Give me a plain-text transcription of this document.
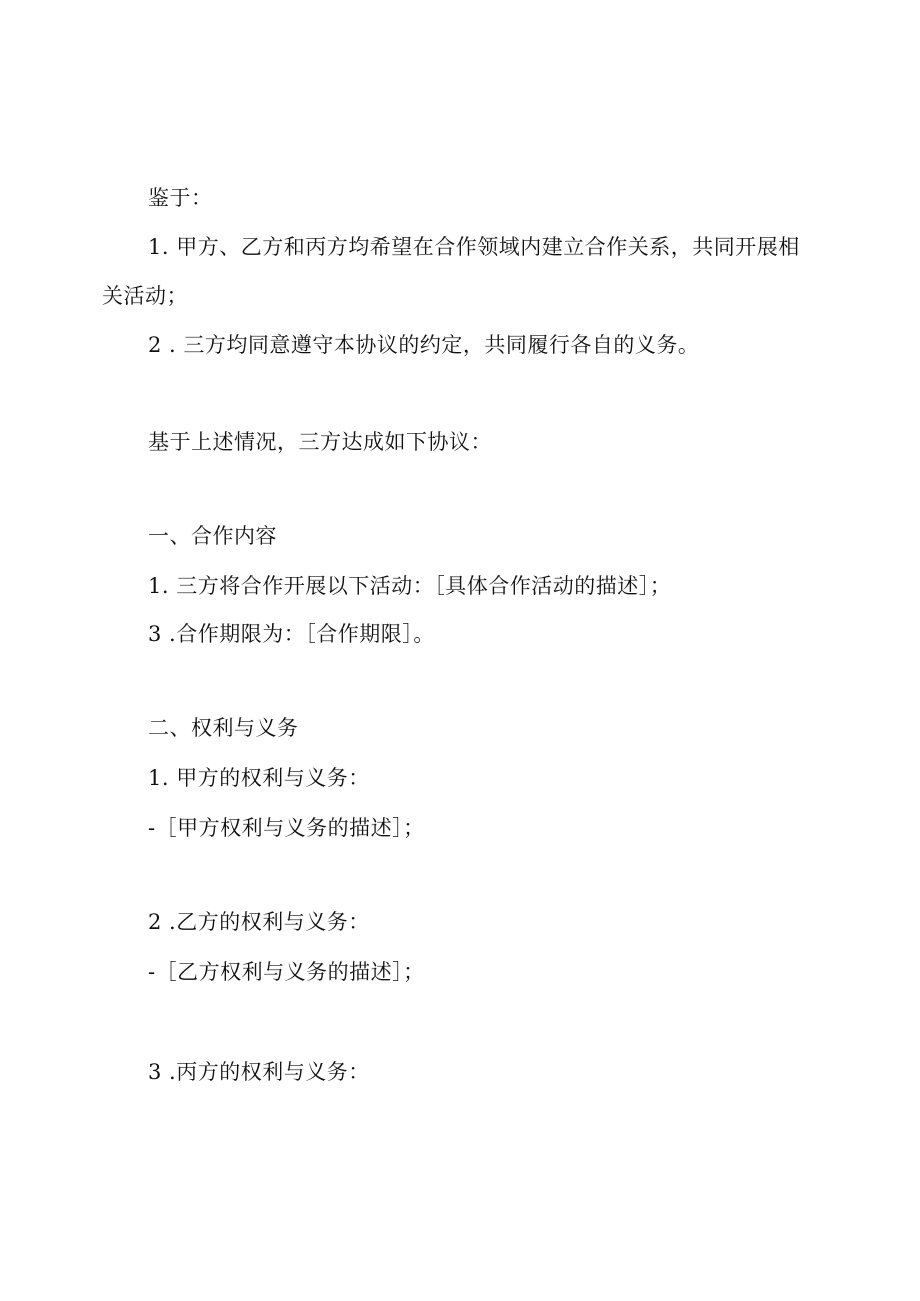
鉴于：
1. 甲方、乙方和丙方均希望在合作领域内建立合作关系，共同开展相
关活动；
2 . 三方均同意遵守本协议的约定，共同履行各自的义务。
基于上述情况，三方达成如下协议：
一、合作内容
1. 三方将合作开展以下活动：［具体合作活动的描述］；
3 .合作期限为：［合作期限］。
二、权利与义务
1. 甲方的权利与义务：
-［甲方权利与义务的描述］；
2 .乙方的权利与义务：
-［乙方权利与义务的描述］；
3 .丙方的权利与义务：
